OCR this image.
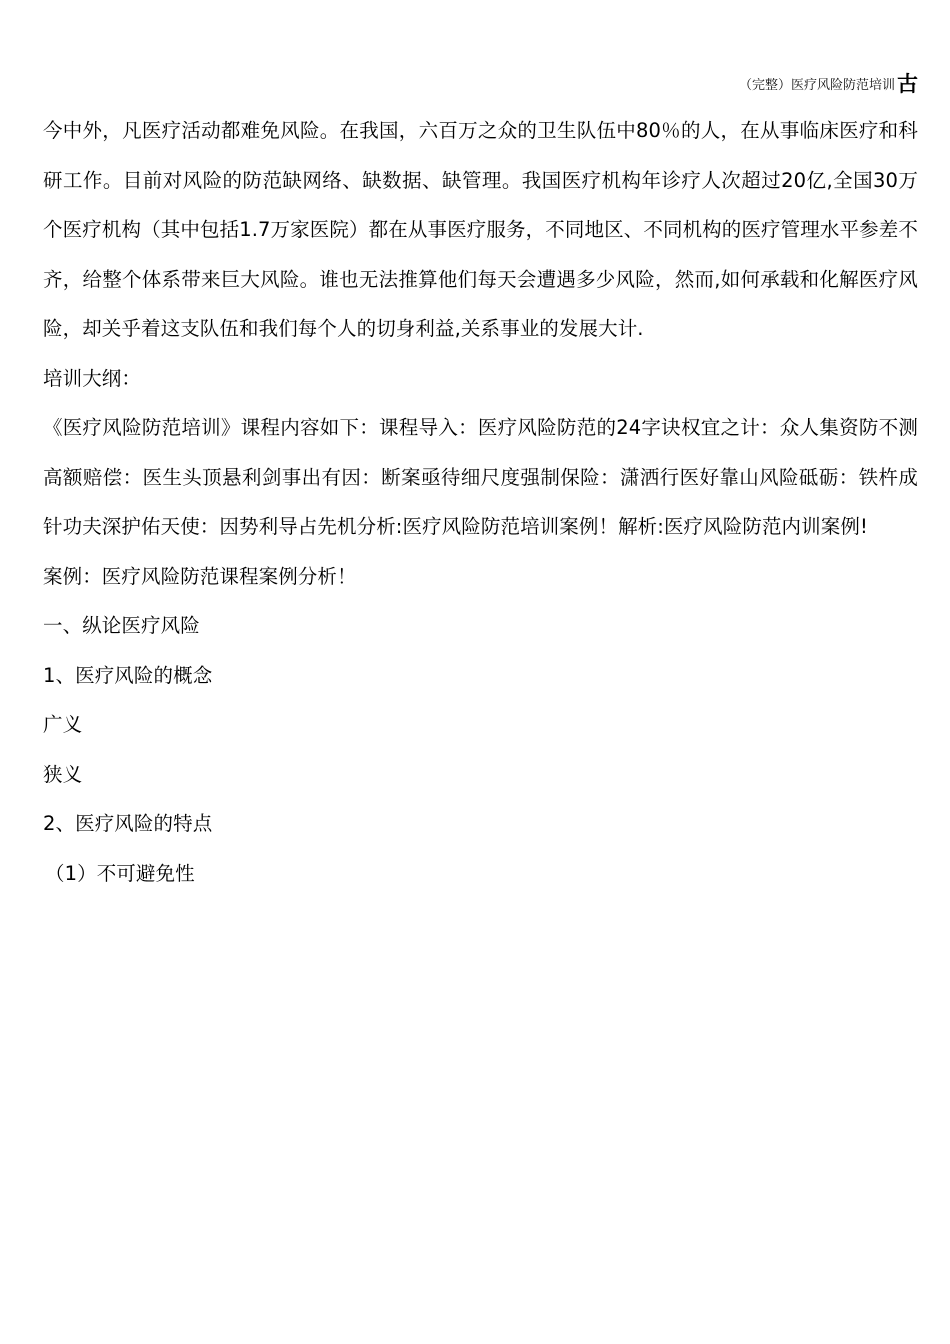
（完整）医疗风险防范培训 古

今中外，凡医疗活动都难免风险。在我国，六百万之众的卫生队伍中80％的人，在从事临床医疗和科研工作。目前对风险的防范缺网络、缺数据、缺管理。我国医疗机构年诊疗人次超过20亿,全国30万个医疗机构（其中包括1.7万家医院）都在从事医疗服务，不同地区、不同机构的医疗管理水平参差不齐，给整个体系带来巨大风险。谁也无法推算他们每天会遭遇多少风险，然而,如何承载和化解医疗风险，却关乎着这支队伍和我们每个人的切身利益,关系事业的发展大计.

培训大纲：

《医疗风险防范培训》课程内容如下：课程导入：医疗风险防范的24字诀权宜之计：众人集资防不测高额赔偿：医生头顶悬利剑事出有因：断案亟待细尺度强制保险：潇洒行医好靠山风险砥砺：铁杵成针功夫深护佑天使：因势利导占先机分析:医疗风险防范培训案例！解析:医疗风险防范内训案例!

案例：医疗风险防范课程案例分析！

一、纵论医疗风险

1、医疗风险的概念

广义

狭义

2、医疗风险的特点

（1）不可避免性
